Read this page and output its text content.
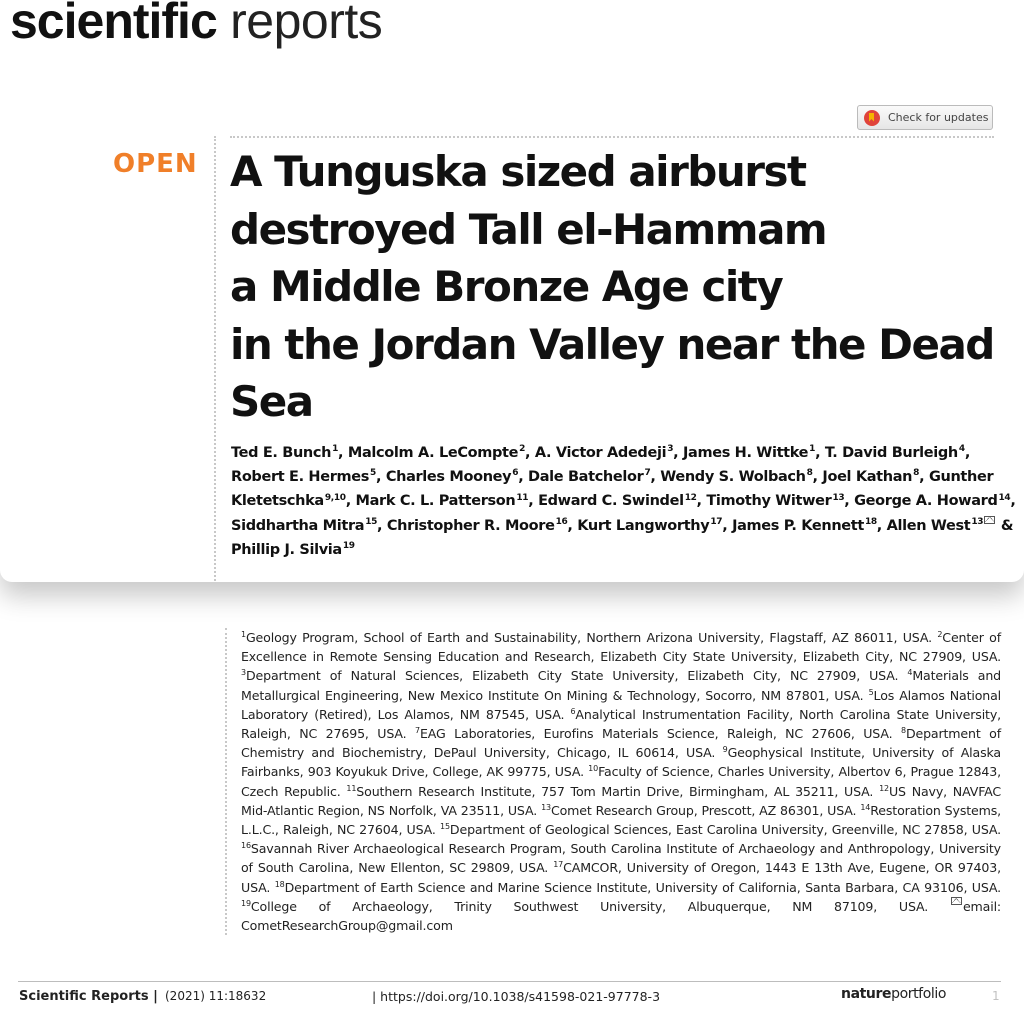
scientific reports
Check for updates
OPEN A Tunguska sized airburst
destroyed Tall el-Hammam
a Middle Bronze Age city
in the Jordan Valley near the Dead
Sea
Ted E. Bunch$^1$, Malcolm A. LeCompte$^2$, A. Victor Adedeji$^3$, James H. Wittke$^1$, T. David Burleigh$^4$, Robert E. Hermes$^5$, Charles Mooney$^6$, Dale Batchelor$^7$, Wendy S. Wolbach$^8$, Joel Kathan$^8$, Gunther Kletetschka$^{9,10}$, Mark C. L. Patterson$^{11}$, Edward C. Swindel$^{12}$, Timothy Witwer$^{13}$, George A. Howard$^{14}$, Siddhartha Mitra$^{15}$, Christopher R. Moore$^{16}$, Kurt Langworthy$^{17}$, James P. Kennett$^{18}$, Allen West$^{13}$ & Phillip J. Silvia$^{19}$
$^1$Geology Program, School of Earth and Sustainability, Northern Arizona University, Flagstaff, AZ 86011, USA. $^2$Center of Excellence in Remote Sensing Education and Research, Elizabeth City State University, Elizabeth City, NC 27909, USA. $^3$Department of Natural Sciences, Elizabeth City State University, Elizabeth City, NC 27909, USA. $^4$Materials and Metallurgical Engineering, New Mexico Institute On Mining & Technology, Socorro, NM 87801, USA. $^5$Los Alamos National Laboratory (Retired), Los Alamos, NM 87545, USA. $^6$Analytical Instrumentation Facility, North Carolina State University, Raleigh, NC 27695, USA. $^7$EAG Laboratories, Eurofins Materials Science, Raleigh, NC 27606, USA. $^8$Department of Chemistry and Biochemistry, DePaul University, Chicago, IL 60614, USA. $^9$Geophysical Institute, University of Alaska Fairbanks, 903 Koyukuk Drive, College, AK 99775, USA. $^{10}$Faculty of Science, Charles University, Albertov 6, Prague 12843, Czech Republic. $^{11}$Southern Research Institute, 757 Tom Martin Drive, Birmingham, AL 35211, USA. $^{12}$US Navy, NAVFAC Mid-Atlantic Region, NS Norfolk, VA 23511, USA. $^{13}$Comet Research Group, Prescott, AZ 86301, USA. $^{14}$Restoration Systems, L.L.C., Raleigh, NC 27604, USA. $^{15}$Department of Geological Sciences, East Carolina University, Greenville, NC 27858, USA. $^{16}$Savannah River Archaeological Research Program, South Carolina Institute of Archaeology and Anthropology, University of South Carolina, New Ellenton, SC 29809, USA. $^{17}$CAMCOR, University of Oregon, 1443 E 13th Ave, Eugene, OR 97403, USA. $^{18}$Department of Earth Science and Marine Science Institute, University of California, Santa Barbara, CA 93106, USA. $^{19}$College of Archaeology, Trinity Southwest University, Albuquerque, NM 87109, USA.	email: CometResearchGroup@gmail.com
Scientific Reports | (2021) 11:18632	| https://doi.org/10.1038/s41598-021-97778-3	natureportfolio	1
